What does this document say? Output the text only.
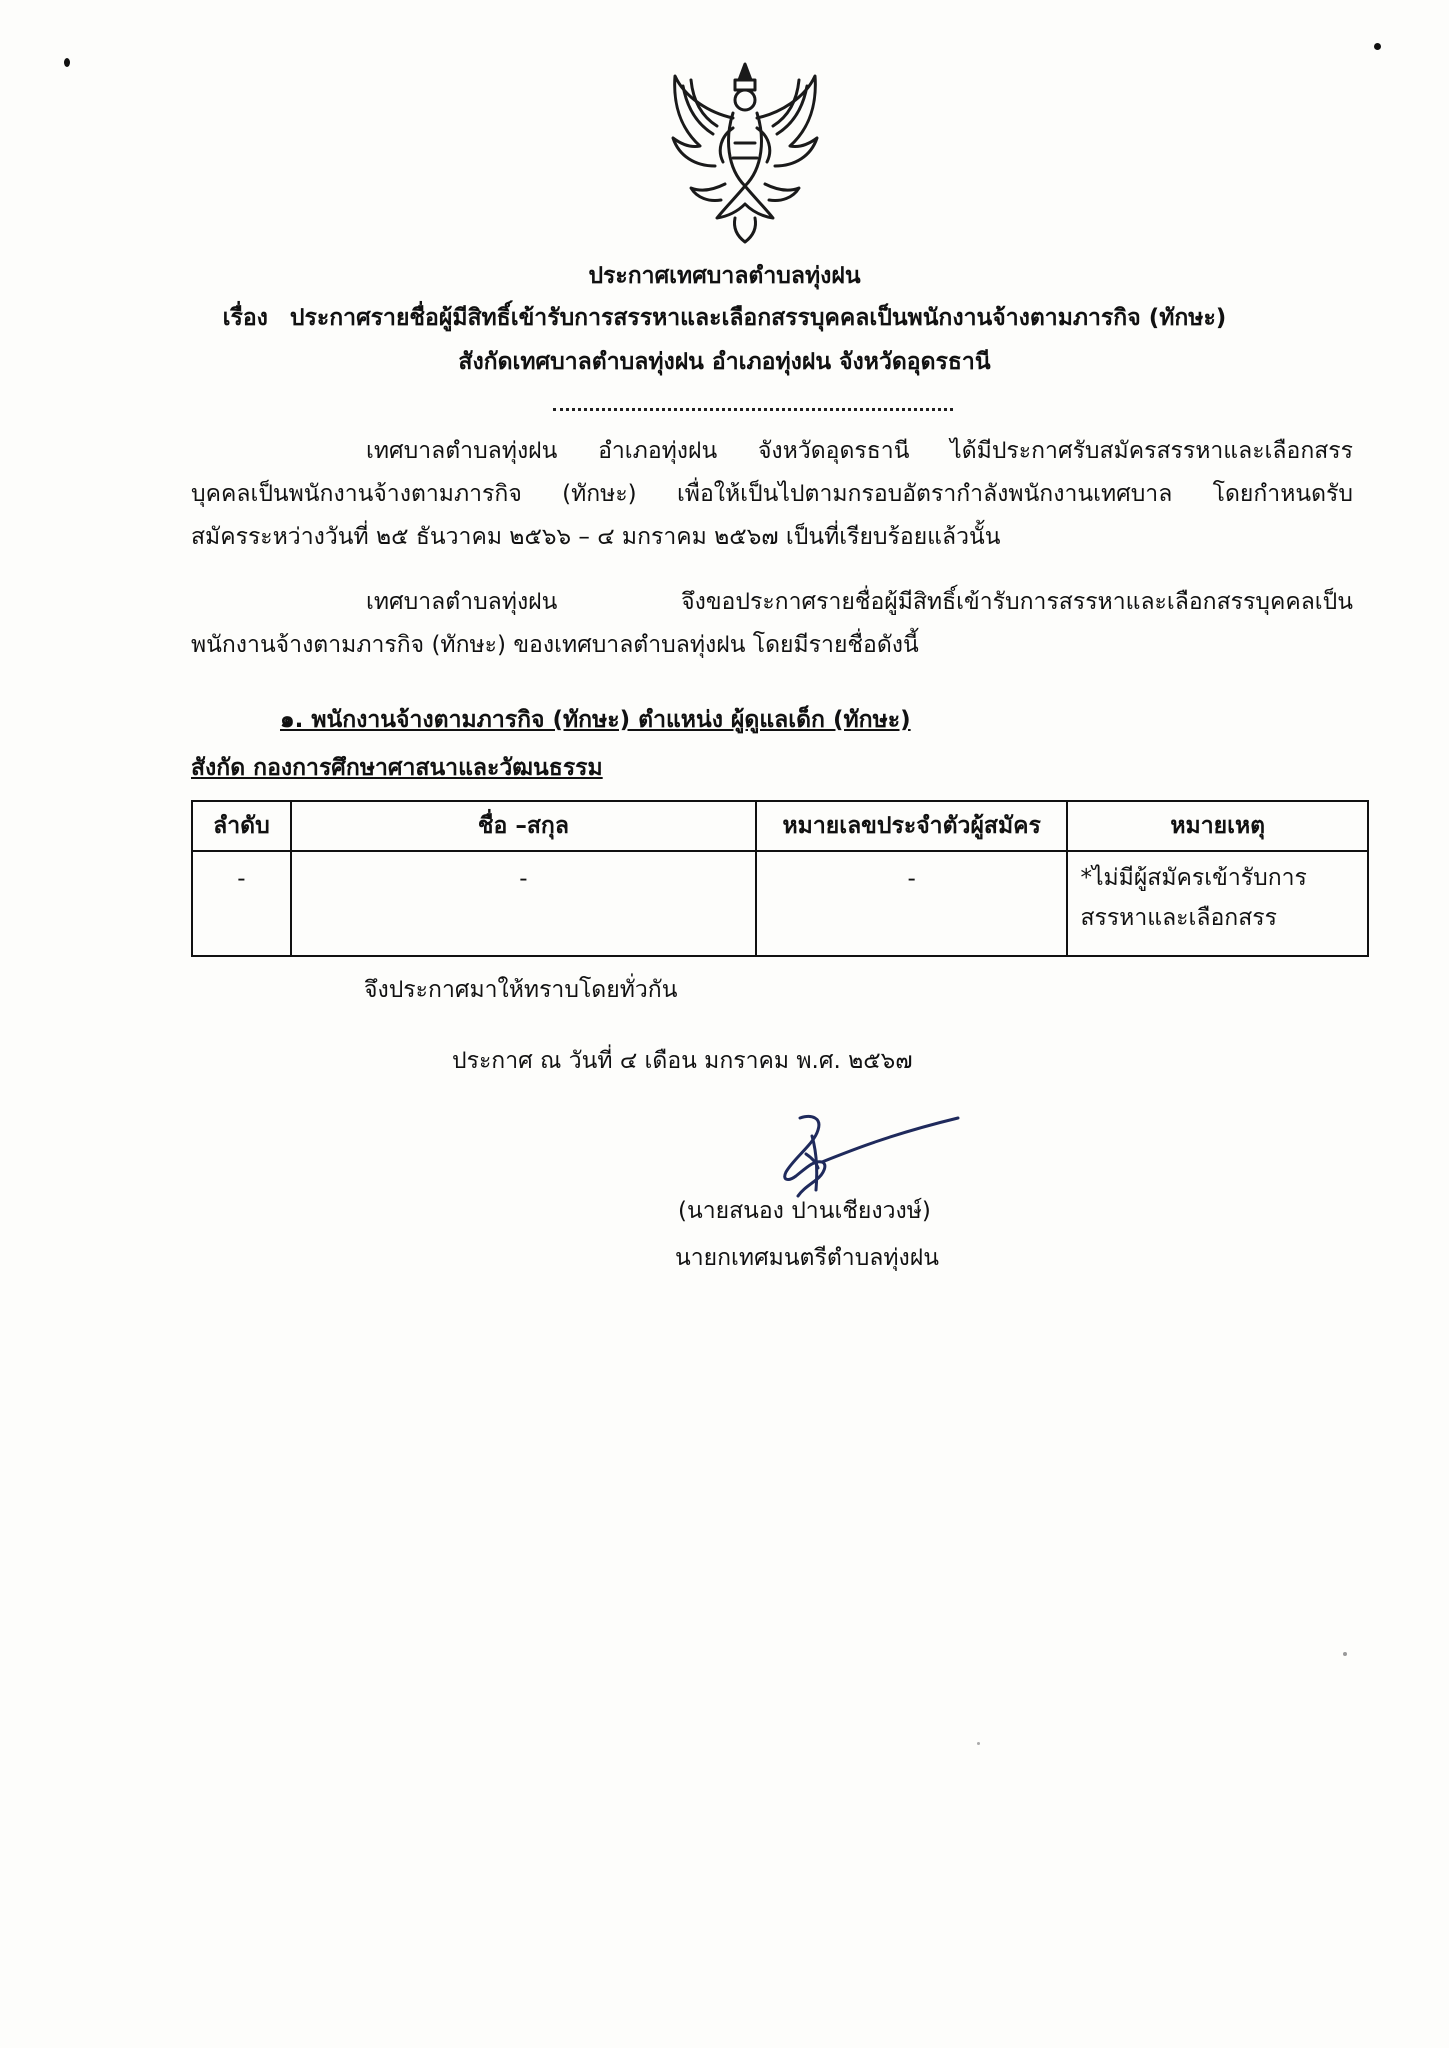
ประกาศเทศบาลตำบลทุ่งฝน
เรื่อง ประกาศรายชื่อผู้มีสิทธิ์เข้ารับการสรรหาและเลือกสรรบุคคลเป็นพนักงานจ้างตามภารกิจ (ทักษะ)
สังกัดเทศบาลตำบลทุ่งฝน อำเภอทุ่งฝน จังหวัดอุดรธานี
เทศบาลตำบลทุ่งฝน อำเภอทุ่งฝน จังหวัดอุดรธานี ได้มีประกาศรับสมัครสรรหาและเลือกสรร
บุคคลเป็นพนักงานจ้างตามภารกิจ (ทักษะ) เพื่อให้เป็นไปตามกรอบอัตรากำลังพนักงานเทศบาล โดยกำหนดรับ
สมัครระหว่างวันที่ ๒๕ ธันวาคม ๒๕๖๖ – ๔ มกราคม ๒๕๖๗ เป็นที่เรียบร้อยแล้วนั้น
เทศบาลตำบลทุ่งฝน จึงขอประกาศรายชื่อผู้มีสิทธิ์เข้ารับการสรรหาและเลือกสรรบุคคลเป็น
พนักงานจ้างตามภารกิจ (ทักษะ) ของเทศบาลตำบลทุ่งฝน โดยมีรายชื่อดังนี้
๑. พนักงานจ้างตามภารกิจ (ทักษะ) ตำแหน่ง ผู้ดูแลเด็ก (ทักษะ)
สังกัด กองการศึกษาศาสนาและวัฒนธรรม
ลำดับ	ชื่อ –สกุล	หมายเลขประจำตัวผู้สมัคร	หมายเหตุ
-	-	-	*ไม่มีผู้สมัครเข้ารับการ
สรรหาและเลือกสรร
จึงประกาศมาให้ทราบโดยทั่วกัน
ประกาศ ณ วันที่ ๔ เดือน มกราคม พ.ศ. ๒๕๖๗
(นายสนอง ปานเชียงวงษ์)
นายกเทศมนตรีตำบลทุ่งฝน
